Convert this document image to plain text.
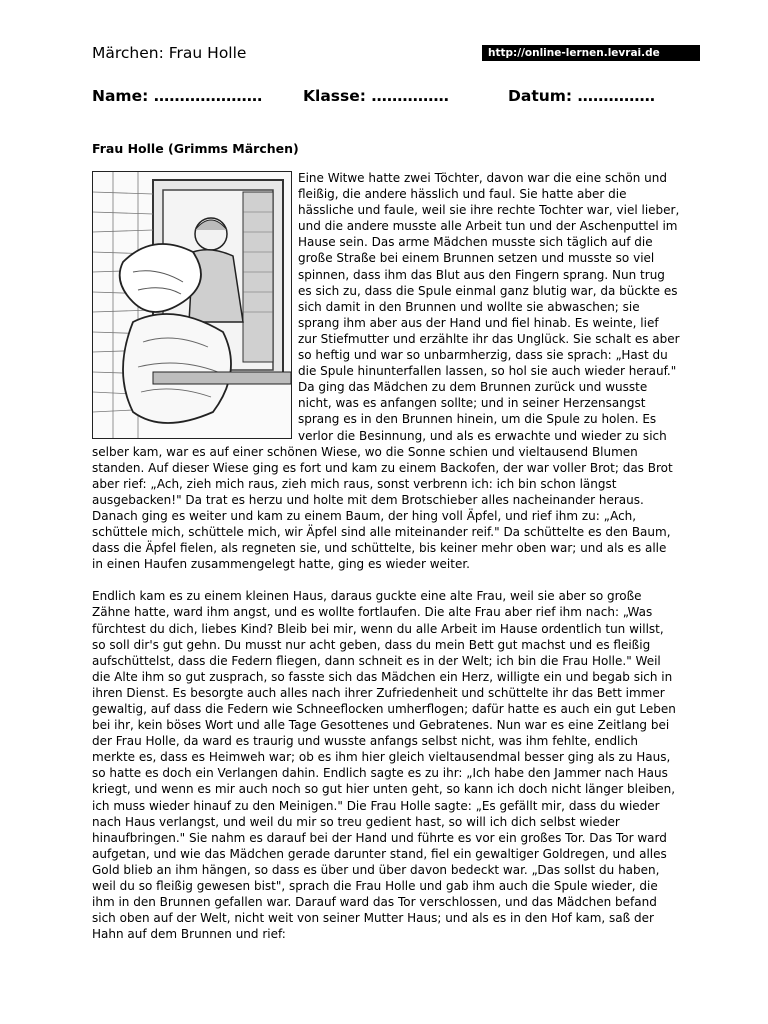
Märchen: Frau Holle	http://online-lernen.levrai.de
Name: …………………	Klasse: ……………	Datum: ……………
Frau Holle (Grimms Märchen)

Eine Witwe hatte zwei Töchter, davon war die eine schön und fleißig, die andere hässlich und faul. Sie hatte aber die hässliche und faule, weil sie ihre rechte Tochter war, viel lieber, und die andere musste alle Arbeit tun und der Aschenputtel im Hause sein. Das arme Mädchen musste sich täglich auf die große Straße bei einem Brunnen setzen und musste so viel spinnen, dass ihm das Blut aus den Fingern sprang. Nun trug es sich zu, dass die Spule einmal ganz blutig war, da bückte es sich damit in den Brunnen und wollte sie abwaschen; sie sprang ihm aber aus der Hand und fiel hinab. Es weinte, lief zur Stiefmutter und erzählte ihr das Unglück. Sie schalt es aber so heftig und war so unbarmherzig, dass sie sprach: „Hast du die Spule hinunterfallen lassen, so hol sie auch wieder herauf." Da ging das Mädchen zu dem Brunnen zurück und wusste nicht, was es anfangen sollte; und in seiner Herzensangst sprang es in den Brunnen hinein, um die Spule zu holen. Es verlor die Besinnung, und als es erwachte und wieder zu sich selber kam, war es auf einer schönen Wiese, wo die Sonne schien und vieltausend Blumen standen. Auf dieser Wiese ging es fort und kam zu einem Backofen, der war voller Brot; das Brot aber rief: „Ach, zieh mich raus, zieh mich raus, sonst verbrenn ich: ich bin schon längst ausgebacken!" Da trat es herzu und holte mit dem Brotschieber alles nacheinander heraus. Danach ging es weiter und kam zu einem Baum, der hing voll Äpfel, und rief ihm zu: „Ach, schüttele mich, schüttele mich, wir Äpfel sind alle miteinander reif." Da schüttelte es den Baum, dass die Äpfel fielen, als regneten sie, und schüttelte, bis keiner mehr oben war; und als es alle in einen Haufen zusammengelegt hatte, ging es wieder weiter.

Endlich kam es zu einem kleinen Haus, daraus guckte eine alte Frau, weil sie aber so große Zähne hatte, ward ihm angst, und es wollte fortlaufen. Die alte Frau aber rief ihm nach: „Was fürchtest du dich, liebes Kind? Bleib bei mir, wenn du alle Arbeit im Hause ordentlich tun willst, so soll dir's gut gehn. Du musst nur acht geben, dass du mein Bett gut machst und es fleißig aufschüttelst, dass die Federn fliegen, dann schneit es in der Welt; ich bin die Frau Holle." Weil die Alte ihm so gut zusprach, so fasste sich das Mädchen ein Herz, willigte ein und begab sich in ihren Dienst. Es besorgte auch alles nach ihrer Zufriedenheit und schüttelte ihr das Bett immer gewaltig, auf dass die Federn wie Schneeflocken umherflogen; dafür hatte es auch ein gut Leben bei ihr, kein böses Wort und alle Tage Gesottenes und Gebratenes. Nun war es eine Zeitlang bei der Frau Holle, da ward es traurig und wusste anfangs selbst nicht, was ihm fehlte, endlich merkte es, dass es Heimweh war; ob es ihm hier gleich vieltausendmal besser ging als zu Haus, so hatte es doch ein Verlangen dahin. Endlich sagte es zu ihr: „Ich habe den Jammer nach Haus kriegt, und wenn es mir auch noch so gut hier unten geht, so kann ich doch nicht länger bleiben, ich muss wieder hinauf zu den Meinigen." Die Frau Holle sagte: „Es gefällt mir, dass du wieder nach Haus verlangst, und weil du mir so treu gedient hast, so will ich dich selbst wieder hinaufbringen." Sie nahm es darauf bei der Hand und führte es vor ein großes Tor. Das Tor ward aufgetan, und wie das Mädchen gerade darunter stand, fiel ein gewaltiger Goldregen, und alles Gold blieb an ihm hängen, so dass es über und über davon bedeckt war. „Das sollst du haben, weil du so fleißig gewesen bist", sprach die Frau Holle und gab ihm auch die Spule wieder, die ihm in den Brunnen gefallen war. Darauf ward das Tor verschlossen, und das Mädchen befand sich oben auf der Welt, nicht weit von seiner Mutter Haus; und als es in den Hof kam, saß der Hahn auf dem Brunnen und rief:
